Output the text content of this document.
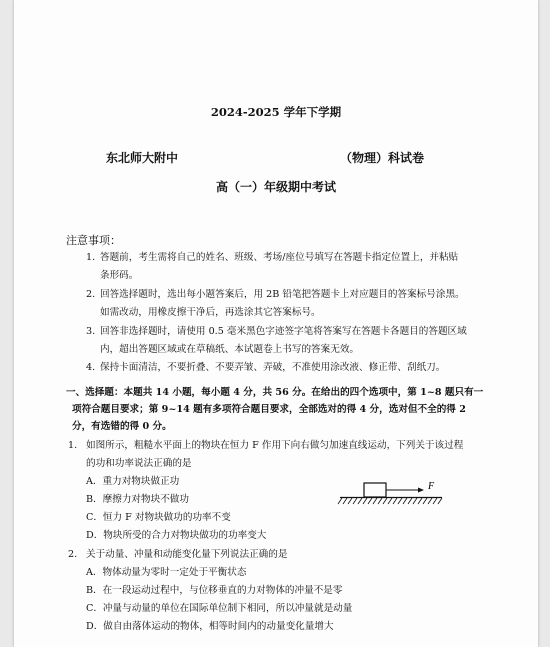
2024-2025 学年下学期
东北师大附中	（物理）科试卷
高（一）年级期中考试
注意事项：
1. 答题前，考生需将自己的姓名、班级、考场/座位号填写在答题卡指定位置上，并粘贴
条形码。
2. 回答选择题时，选出每小题答案后，用 2B 铅笔把答题卡上对应题目的答案标号涂黑。
如需改动，用橡皮擦干净后，再选涂其它答案标号。
3. 回答非选择题时，请使用 0.5 毫米黑色字迹签字笔将答案写在答题卡各题目的答题区域
内，超出答题区域或在草稿纸、本试题卷上书写的答案无效。
4. 保持卡面清洁，不要折叠、不要弄皱、弄破，不准使用涂改液、修正带、刮纸刀。
一、选择题：本题共 14 小题，每小题 4 分，共 56 分。在给出的四个选项中，第 1~8 题只有一
项符合题目要求；第 9~14 题有多项符合题目要求，全部选对的得 4 分，选对但不全的得 2
分，有选错的得 0 分。
1. 如图所示，粗糙水平面上的物块在恒力 F 作用下向右做匀加速直线运动，下列关于该过程
的功和功率说法正确的是
A．重力对物块做正功
B．摩擦力对物块不做功
C．恒力 F 对物块做功的功率不变
D．物块所受的合力对物块做功的功率变大
F
2. 关于动量、冲量和动能变化量下列说法正确的是
A．物体动量为零时一定处于平衡状态
B．在一段运动过程中，与位移垂直的力对物体的冲量不是零
C．冲量与动量的单位在国际单位制下相同，所以冲量就是动量
D．做自由落体运动的物体，相等时间内的动量变化量增大
